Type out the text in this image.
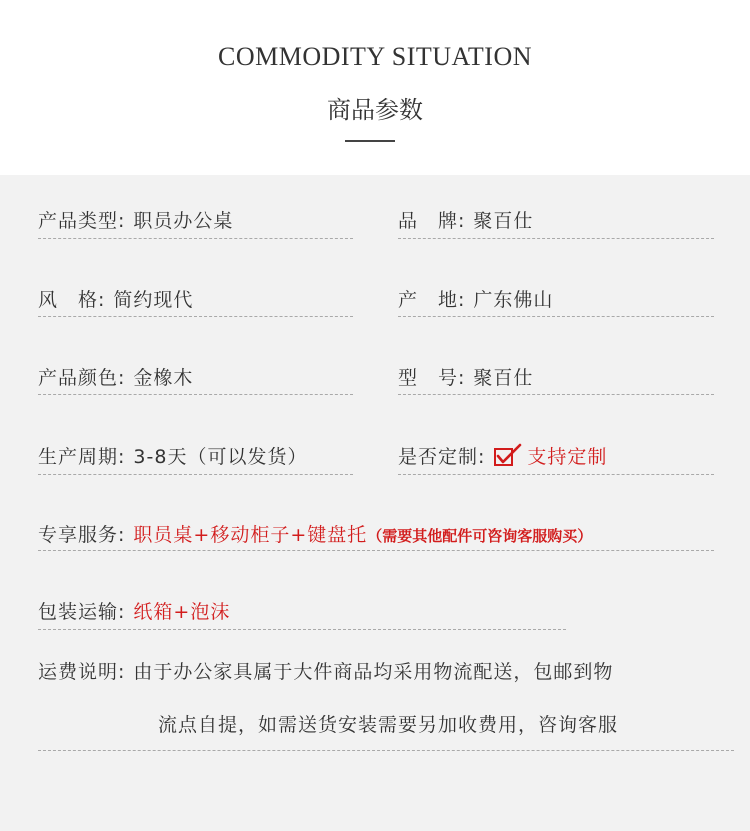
COMMODITY SITUATION
商品参数
产品类型: 职员办公桌	品　牌: 聚百仕
风　格: 简约现代	产　地: 广东佛山
产品颜色: 金橡木	型　号: 聚百仕
生产周期: 3-8天（可以发货）	是否定制: 支持定制
专享服务: 职员桌+移动柜子+键盘托（需要其他配件可咨询客服购买）
包装运输: 纸箱+泡沫
运费说明: 由于办公家具属于大件商品均采用物流配送，包邮到物
流点自提，如需送货安装需要另加收费用，咨询客服
